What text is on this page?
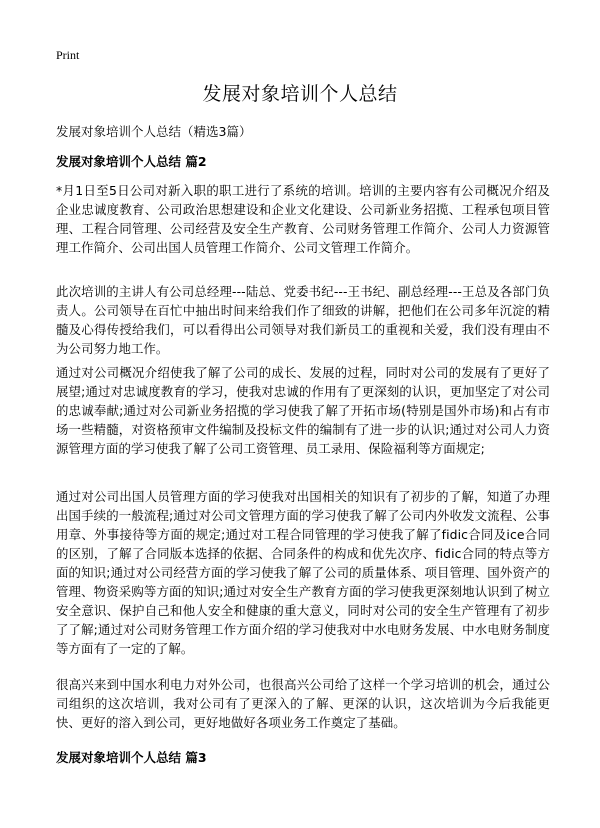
Print
发展对象培训个人总结

发展对象培训个人总结（精选3篇）

发展对象培训个人总结 篇2

*月1日至5日公司对新入职的职工进行了系统的培训。培训的主要内容有公司概况介绍及企业忠诚度教育、公司政治思想建设和企业文化建设、公司新业务招揽、工程承包项目管理、工程合同管理、公司经营及安全生产教育、公司财务管理工作简介、公司人力资源管理工作简介、公司出国人员管理工作简介、公司文管理工作简介。

此次培训的主讲人有公司总经理---陆总、党委书纪---王书纪、副总经理---王总及各部门负责人。公司领导在百忙中抽出时间来给我们作了细致的讲解，把他们在公司多年沉淀的精髓及心得传授给我们，可以看得出公司领导对我们新员工的重视和关爱，我们没有理由不为公司努力地工作。

通过对公司概况介绍使我了解了公司的成长、发展的过程，同时对公司的发展有了更好了展望;通过对忠诚度教育的学习，使我对忠诚的作用有了更深刻的认识，更加坚定了对公司的忠诚奉献;通过对公司新业务招揽的学习使我了解了开拓市场(特别是国外市场)和占有市场一些精髓，对资格预审文件编制及投标文件的编制有了进一步的认识;通过对公司人力资源管理方面的学习使我了解了公司工资管理、员工录用、保险福利等方面规定;

通过对公司出国人员管理方面的学习使我对出国相关的知识有了初步的了解，知道了办理出国手续的一般流程;通过对公司文管理方面的学习使我了解了公司内外收发文流程、公事用章、外事接待等方面的规定;通过对工程合同管理的学习使我了解了fidic合同及ice合同的区别，了解了合同版本选择的依据、合同条件的构成和优先次序、fidic合同的特点等方面的知识;通过对公司经营方面的学习使我了解了公司的质量体系、项目管理、国外资产的管理、物资采购等方面的知识;通过对安全生产教育方面的学习使我更深刻地认识到了树立安全意识、保护自己和他人安全和健康的重大意义，同时对公司的安全生产管理有了初步了了解;通过对公司财务管理工作方面介绍的学习使我对中水电财务发展、中水电财务制度等方面有了一定的了解。

很高兴来到中国水利电力对外公司，也很高兴公司给了这样一个学习培训的机会，通过公司组织的这次培训，我对公司有了更深入的了解、更深的认识，这次培训为今后我能更快、更好的溶入到公司，更好地做好各项业务工作奠定了基础。

发展对象培训个人总结 篇3
